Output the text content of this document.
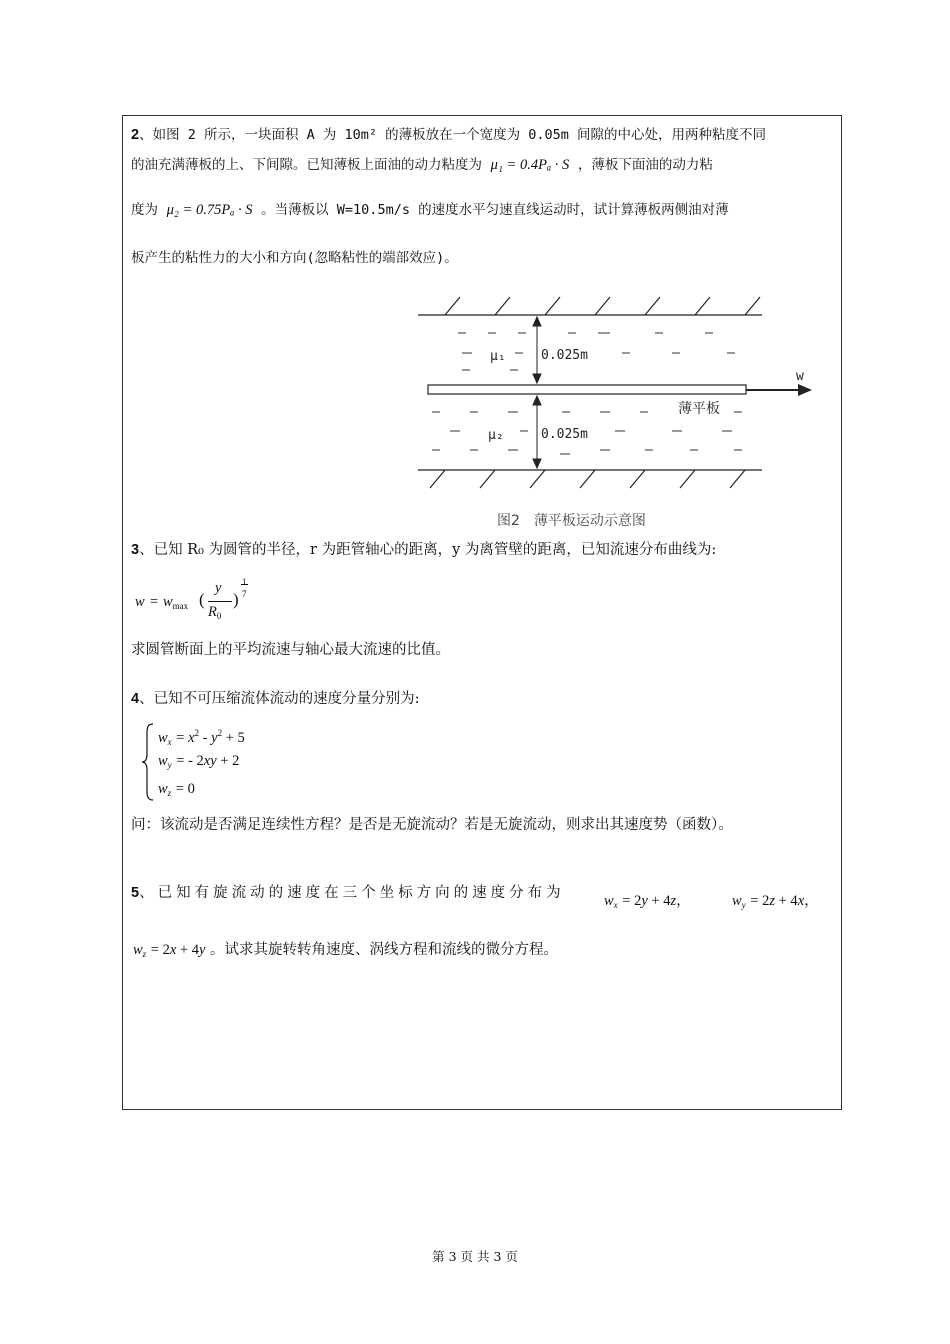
2、如图 2 所示，一块面积 A 为 10m² 的薄板放在一个宽度为 0.05m 间隙的中心处，用两种粘度不同
的油充满薄板的上、下间隙。已知薄板上面油的动力粘度为 μ₁ = 0.4Pₐ · S ，薄板下面油的动力粘
度为 μ₂ = 0.75Pₐ · S 。当薄板以 W=10.5m/s 的速度水平匀速直线运动时，试计算薄板两侧油对薄
板产生的粘性力的大小和方向(忽略粘性的端部效应)。
w
0.025m
0.025m
μ₁
μ₂
薄平板
图2　薄平板运动示意图
3、已知 R₀ 为圆管的半径，r 为距管轴心的距离，y 为离管壁的距离，已知流速分布曲线为:
$w = w_{max}$ (
y
$R_0$
)
1
7
求圆管断面上的平均流速与轴心最大流速的比值。
4、已知不可压缩流体流动的速度分量分别为:
$w_x = x^2 - y^2 + 5$
$w_y$ = - 2xy + 2
$w_z = 0$
问：该流动是否满足连续性方程？是否是无旋流动？若是无旋流动，则求出其速度势（函数）。
5、已知有旋流动的速度在三个坐标方向的速度分布为	$w_x = 2y + 4z$，	$w_y = 2z + 4x$，
$w_z = 2x + 4y$ 。试求其旋转转角速度、涡线方程和流线的微分方程。
第 3 页 共 3 页
